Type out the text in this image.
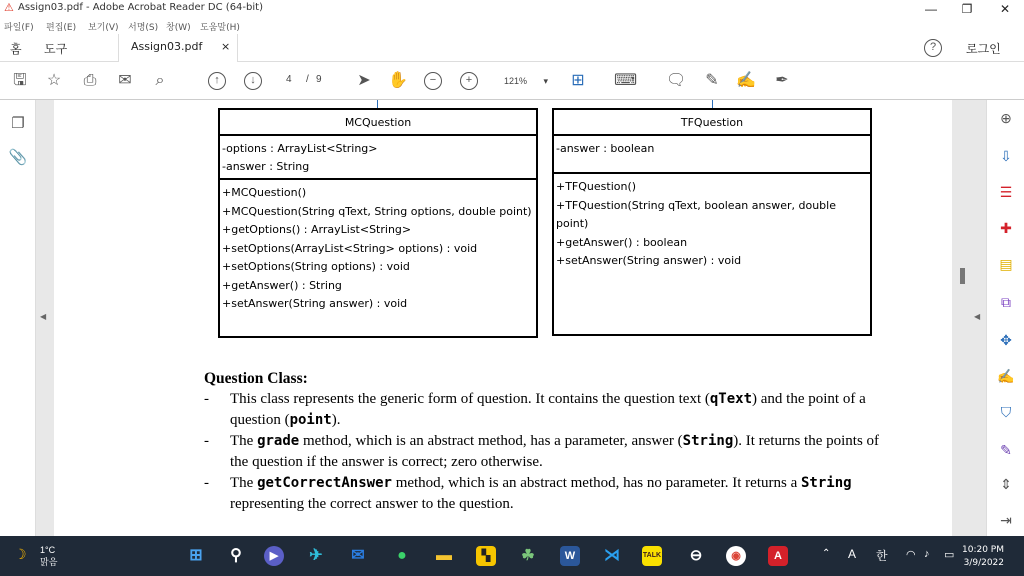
⚠ Assign03.pdf - Adobe Acrobat Reader DC (64-bit)	—	❐	✕
파일(F) 편집(E) 보기(V) 서명(S) 창(W) 도움말(H)
홈 도구	Assign03.pdf ×	?	로그인
🖫 ☆ ⎙ ✉	⌕	↑	↓	4 / 9 ➤ ✋	−	+	121% ▾ ⊞ ⌨ 🗨 ✎ ✍ ✒
❐
📎
◀
MCQuestion
-options : ArrayList<String>
-answer : String
+MCQuestion()
+MCQuestion(String qText, String options, double point)
+getOptions() : ArrayList<String>
+setOptions(ArrayList<String> options) : void
+setOptions(String options) : void
+getAnswer() : String
+setAnswer(String answer) : void
TFQuestion
-answer : boolean
+TFQuestion()
+TFQuestion(String qText, boolean answer, double point)
+getAnswer() : boolean
+setAnswer(String answer) : void
Question Class:
- This class represents the generic form of question. It contains the question text (qText) and the point of a question (point).
- The grade method, which is an abstract method, has a parameter, answer (String). It returns the points of the question if the answer is correct; zero otherwise.
- The getCorrectAnswer method, which is an abstract method, has no parameter. It returns a String representing the correct answer to the question.
◀
⊕
⇩
☰
✚
▤
⧉
✥
✍
⛉
✎
⇕
⇥
☽ 1°C
맑음	⊞ ⚲	▶	✈ ✉	●	▬	▚	☘	W	⋊	TALK ⊖	◉	A	⌃ A 한 ◠ ♪ ▭ 10:20 PM
3/9/2022
